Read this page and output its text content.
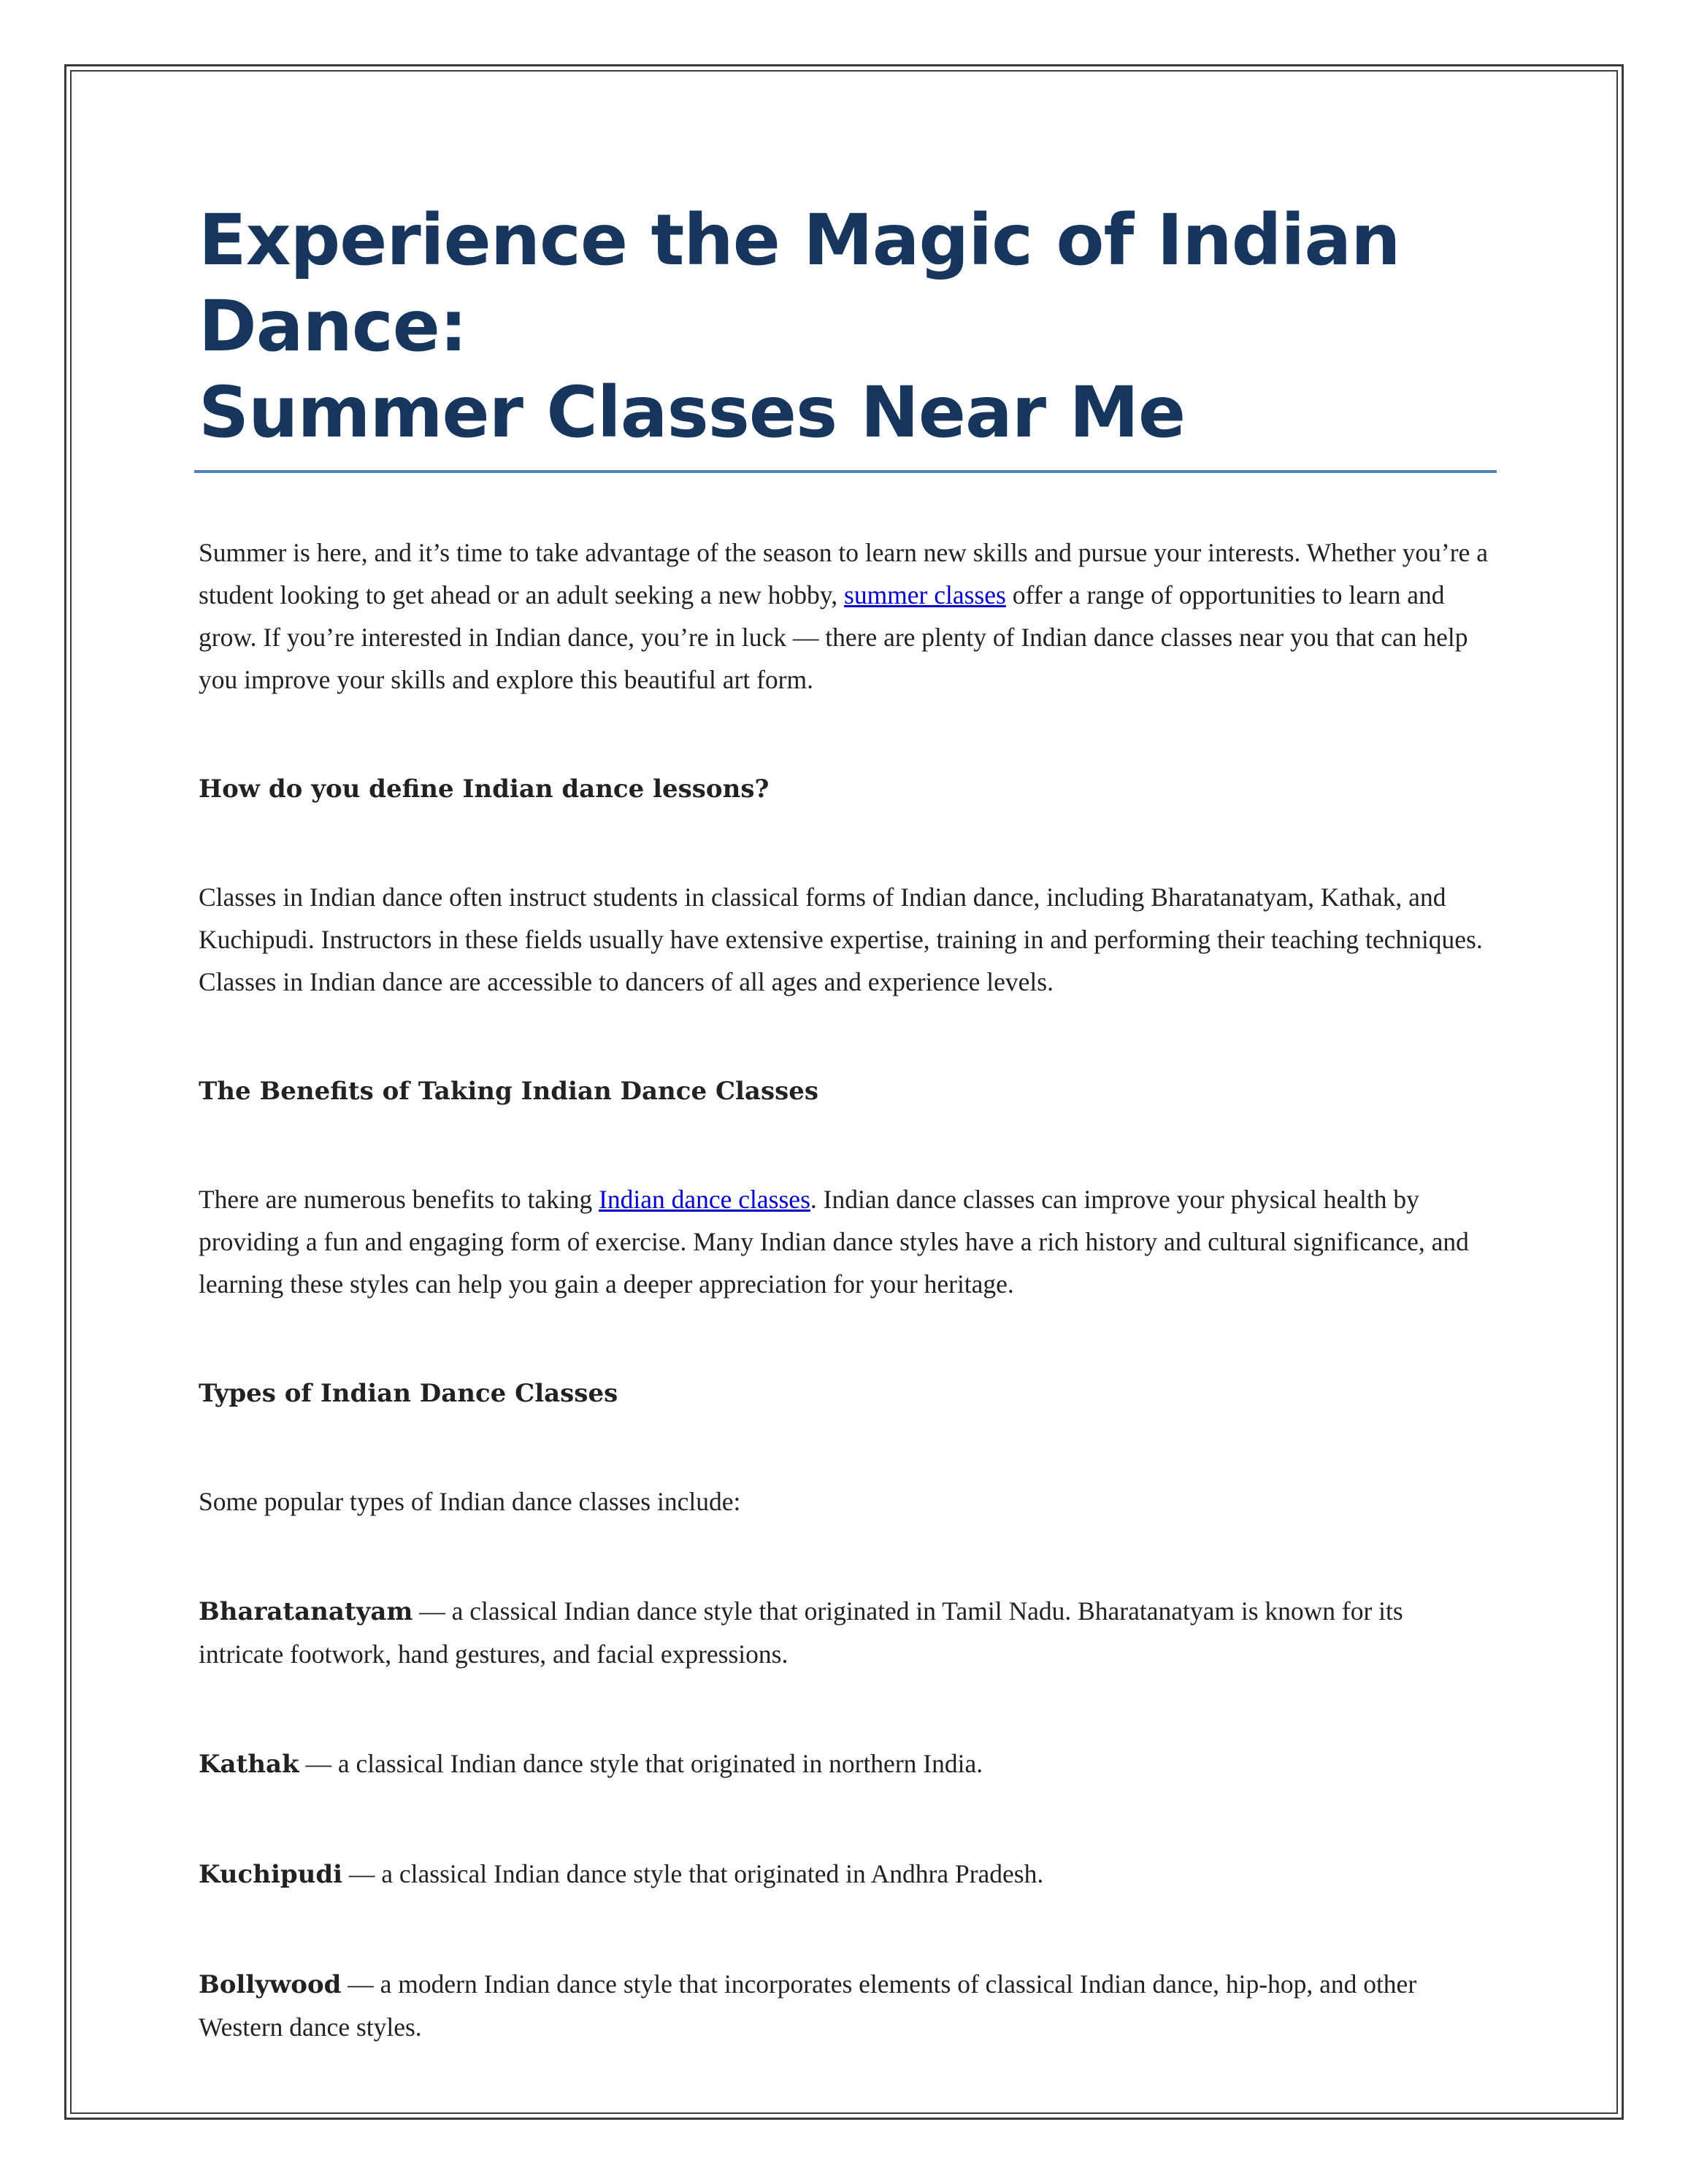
Experience the Magic of Indian Dance:
Summer Classes Near Me

Summer is here, and it’s time to take advantage of the season to learn new skills and pursue your interests. Whether you’re a student looking to get ahead or an adult seeking a new hobby, summer classes offer a range of opportunities to learn and grow. If you’re interested in Indian dance, you’re in luck — there are plenty of Indian dance classes near you that can help you improve your skills and explore this beautiful art form.

How do you define Indian dance lessons?

Classes in Indian dance often instruct students in classical forms of Indian dance, including Bharatanatyam, Kathak, and Kuchipudi. Instructors in these fields usually have extensive expertise, training in and performing their teaching techniques. Classes in Indian dance are accessible to dancers of all ages and experience levels.

The Benefits of Taking Indian Dance Classes

There are numerous benefits to taking Indian dance classes. Indian dance classes can improve your physical health by providing a fun and engaging form of exercise. Many Indian dance styles have a rich history and cultural significance, and learning these styles can help you gain a deeper appreciation for your heritage.

Types of Indian Dance Classes

Some popular types of Indian dance classes include:

Bharatanatyam — a classical Indian dance style that originated in Tamil Nadu. Bharatanatyam is known for its intricate footwork, hand gestures, and facial expressions.

Kathak — a classical Indian dance style that originated in northern India.

Kuchipudi — a classical Indian dance style that originated in Andhra Pradesh.

Bollywood — a modern Indian dance style that incorporates elements of classical Indian dance, hip-hop, and other Western dance styles.
